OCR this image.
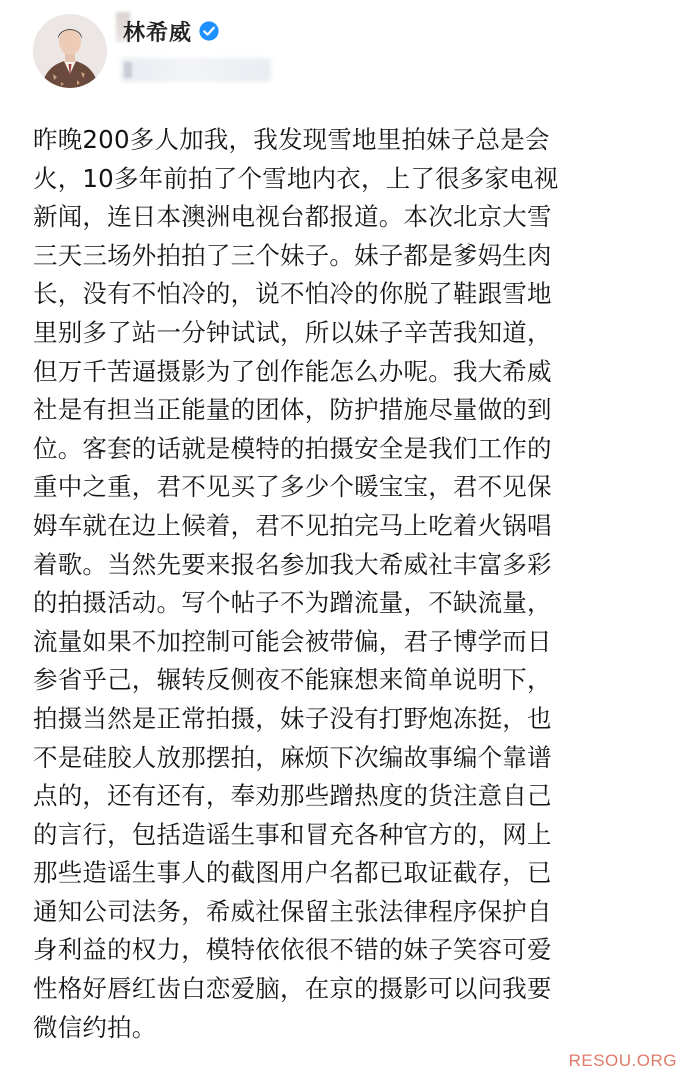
林希威
昨晚200多人加我，我发现雪地里拍妹子总是会
火，10多年前拍了个雪地内衣，上了很多家电视
新闻，连日本澳洲电视台都报道。本次北京大雪
三天三场外拍拍了三个妹子。妹子都是爹妈生肉
长，没有不怕冷的，说不怕冷的你脱了鞋跟雪地
里别多了站一分钟试试，所以妹子辛苦我知道，
但万千苦逼摄影为了创作能怎么办呢。我大希威
社是有担当正能量的团体，防护措施尽量做的到
位。客套的话就是模特的拍摄安全是我们工作的
重中之重，君不见买了多少个暖宝宝，君不见保
姆车就在边上候着，君不见拍完马上吃着火锅唱
着歌。当然先要来报名参加我大希威社丰富多彩
的拍摄活动。写个帖子不为蹭流量，不缺流量，
流量如果不加控制可能会被带偏，君子博学而日
参省乎己，辗转反侧夜不能寐想来简单说明下，
拍摄当然是正常拍摄，妹子没有打野炮冻挺，也
不是硅胶人放那摆拍，麻烦下次编故事编个靠谱
点的，还有还有，奉劝那些蹭热度的货注意自己
的言行，包括造谣生事和冒充各种官方的，网上
那些造谣生事人的截图用户名都已取证截存，已
通知公司法务，希威社保留主张法律程序保护自
身利益的权力，模特依依很不错的妹子笑容可爱
性格好唇红齿白恋爱脑，在京的摄影可以问我要
微信约拍。
RESOU.ORG
